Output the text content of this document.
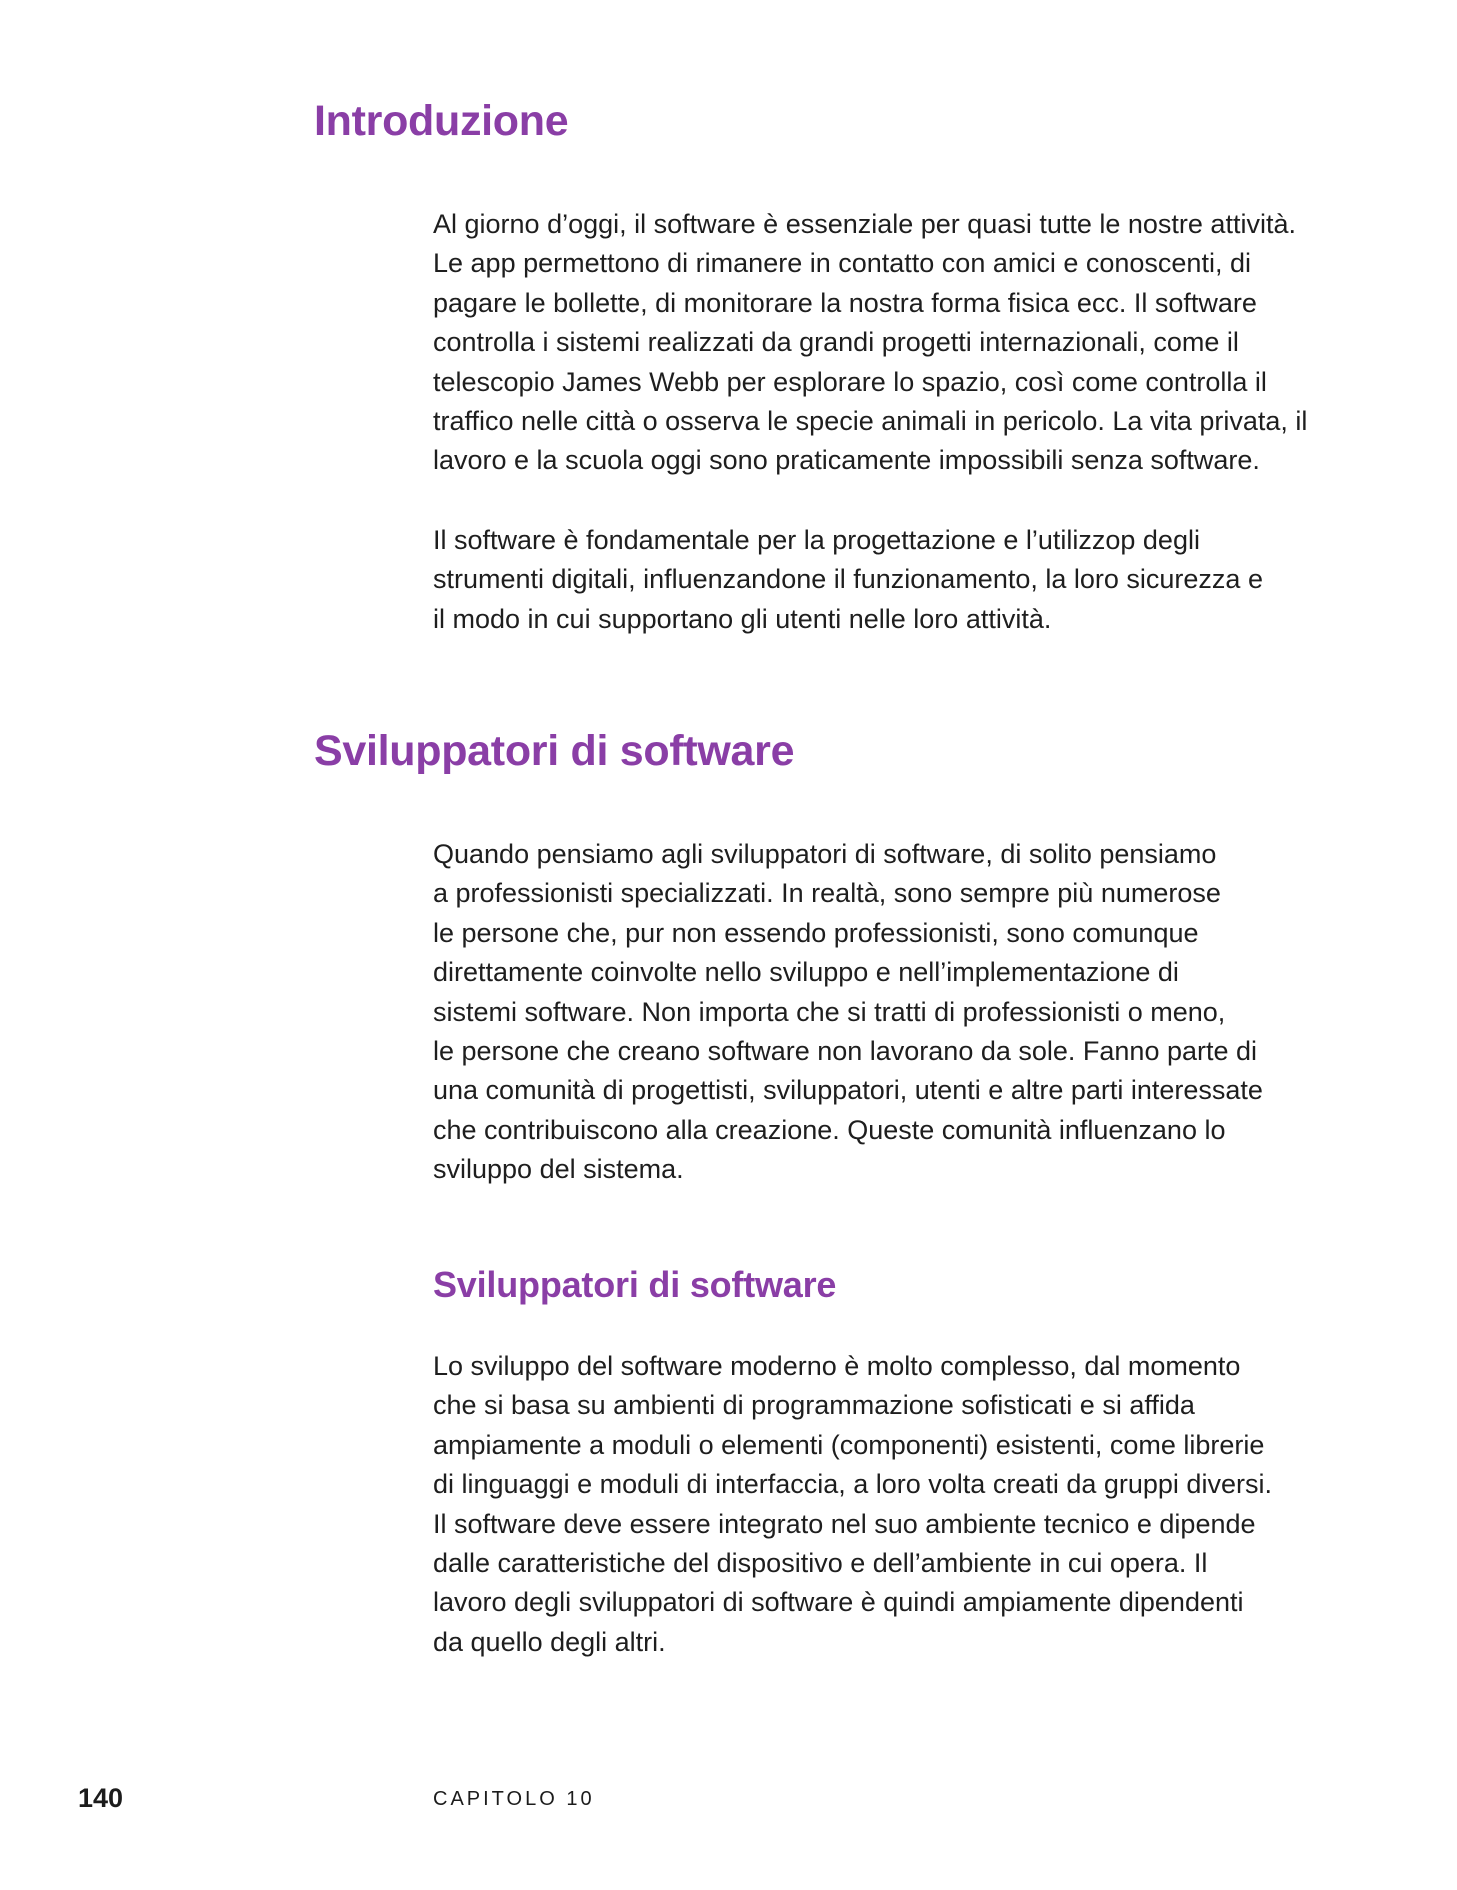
Introduzione

Al giorno d’oggi, il software è essenziale per quasi tutte le nostre attività.
Le app permettono di rimanere in contatto con amici e conoscenti, di
pagare le bollette, di monitorare la nostra forma fisica ecc. Il software
controlla i sistemi realizzati da grandi progetti internazionali, come il
telescopio James Webb per esplorare lo spazio, così come controlla il
traffico nelle città o osserva le specie animali in pericolo. La vita privata, il
lavoro e la scuola oggi sono praticamente impossibili senza software.

Il software è fondamentale per la progettazione e l’utilizzop degli
strumenti digitali, influenzandone il funzionamento, la loro sicurezza e
il modo in cui supportano gli utenti nelle loro attività.

Sviluppatori di software

Quando pensiamo agli sviluppatori di software, di solito pensiamo
a professionisti specializzati. In realtà, sono sempre più numerose
le persone che, pur non essendo professionisti, sono comunque
direttamente coinvolte nello sviluppo e nell’implementazione di
sistemi software. Non importa che si tratti di professionisti o meno,
le persone che creano software non lavorano da sole. Fanno parte di
una comunità di progettisti, sviluppatori, utenti e altre parti interessate
che contribuiscono alla creazione. Queste comunità influenzano lo
sviluppo del sistema.

Sviluppatori di software

Lo sviluppo del software moderno è molto complesso, dal momento
che si basa su ambienti di programmazione sofisticati e si affida
ampiamente a moduli o elementi (componenti) esistenti, come librerie
di linguaggi e moduli di interfaccia, a loro volta creati da gruppi diversi.
Il software deve essere integrato nel suo ambiente tecnico e dipende
dalle caratteristiche del dispositivo e dell’ambiente in cui opera. Il
lavoro degli sviluppatori di software è quindi ampiamente dipendenti
da quello degli altri.

140	CAPITOLO 10
